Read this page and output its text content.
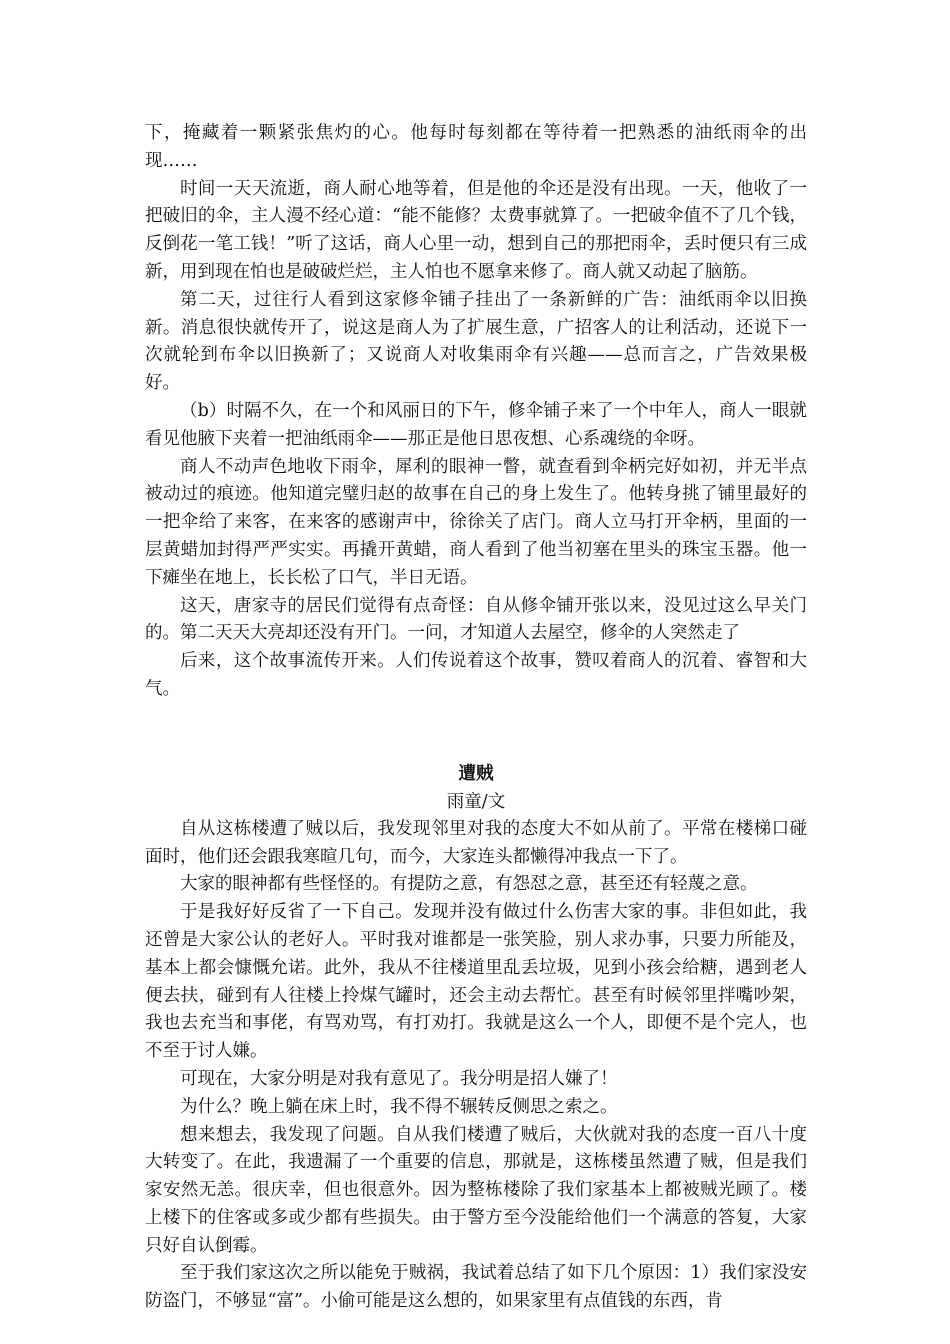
下，掩藏着一颗紧张焦灼的心。他每时每刻都在等待着一把熟悉的油纸雨伞的出现……

时间一天天流逝，商人耐心地等着，但是他的伞还是没有出现。一天，他收了一把破旧的伞，主人漫不经心道：“能不能修？太费事就算了。一把破伞值不了几个钱，反倒花一笔工钱！”听了这话，商人心里一动，想到自己的那把雨伞，丢时便只有三成新，用到现在怕也是破破烂烂，主人怕也不愿拿来修了。商人就又动起了脑筋。

第二天，过往行人看到这家修伞铺子挂出了一条新鲜的广告：油纸雨伞以旧换新。消息很快就传开了，说这是商人为了扩展生意，广招客人的让利活动，还说下一次就轮到布伞以旧换新了；又说商人对收集雨伞有兴趣——总而言之，广告效果极好。

（b）时隔不久，在一个和风丽日的下午，修伞铺子来了一个中年人，商人一眼就看见他腋下夹着一把油纸雨伞——那正是他日思夜想、心系魂绕的伞呀。

商人不动声色地收下雨伞，犀利的眼神一瞥，就查看到伞柄完好如初，并无半点被动过的痕迹。他知道完璧归赵的故事在自己的身上发生了。他转身挑了铺里最好的一把伞给了来客，在来客的感谢声中，徐徐关了店门。商人立马打开伞柄，里面的一层黄蜡加封得严严实实。再撬开黄蜡，商人看到了他当初塞在里头的珠宝玉器。他一下瘫坐在地上，长长松了口气，半日无语。

这天，唐家寺的居民们觉得有点奇怪：自从修伞铺开张以来，没见过这么早关门的。第二天天大亮却还没有开门。一问，才知道人去屋空，修伞的人突然走了

后来，这个故事流传开来。人们传说着这个故事，赞叹着商人的沉着、睿智和大气。

遭贼

雨童/文

自从这栋楼遭了贼以后，我发现邻里对我的态度大不如从前了。平常在楼梯口碰面时，他们还会跟我寒暄几句，而今，大家连头都懒得冲我点一下了。

大家的眼神都有些怪怪的。有提防之意，有怨怼之意，甚至还有轻蔑之意。

于是我好好反省了一下自己。发现并没有做过什么伤害大家的事。非但如此，我还曾是大家公认的老好人。平时我对谁都是一张笑脸，别人求办事，只要力所能及，基本上都会慷慨允诺。此外，我从不往楼道里乱丢垃圾，见到小孩会给糖，遇到老人便去扶，碰到有人往楼上拎煤气罐时，还会主动去帮忙。甚至有时候邻里拌嘴吵架，我也去充当和事佬，有骂劝骂，有打劝打。我就是这么一个人，即便不是个完人，也不至于讨人嫌。

可现在，大家分明是对我有意见了。我分明是招人嫌了！

为什么？晚上躺在床上时，我不得不辗转反侧思之索之。

想来想去，我发现了问题。自从我们楼遭了贼后，大伙就对我的态度一百八十度大转变了。在此，我遗漏了一个重要的信息，那就是，这栋楼虽然遭了贼，但是我们家安然无恙。很庆幸，但也很意外。因为整栋楼除了我们家基本上都被贼光顾了。楼上楼下的住客或多或少都有些损失。由于警方至今没能给他们一个满意的答复，大家只好自认倒霉。

至于我们家这次之所以能免于贼祸，我试着总结了如下几个原因：1）我们家没安防盗门，不够显“富”。小偷可能是这么想的，如果家里有点值钱的东西，肯
